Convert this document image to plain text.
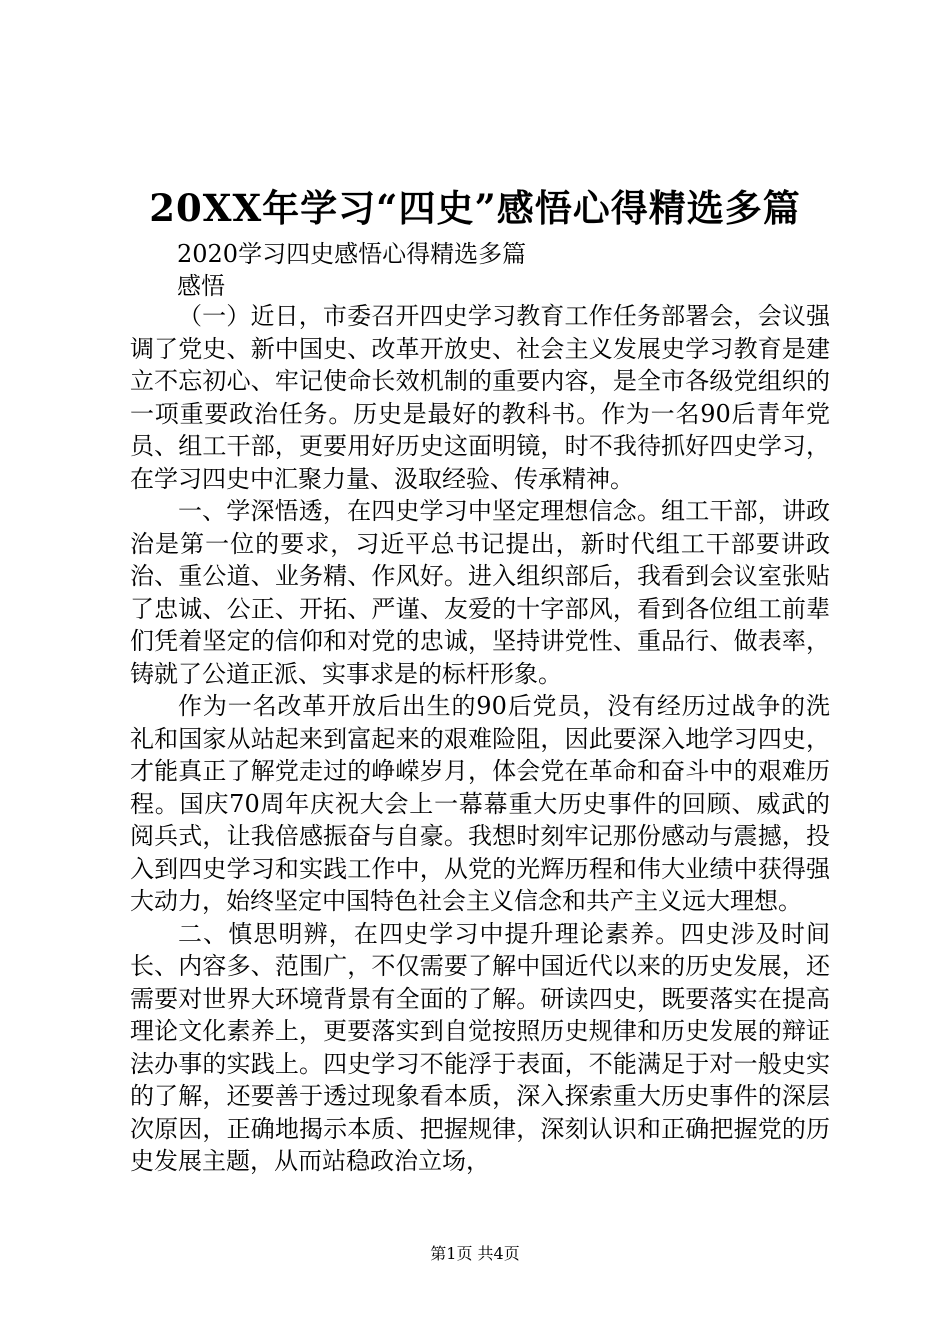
20XX年学习“四史”感悟心得精选多篇
2020学习四史感悟心得精选多篇
感悟

（一）近日，市委召开四史学习教育工作任务部署会，会议强调了党史、新中国史、改革开放史、社会主义发展史学习教育是建立不忘初心、牢记使命长效机制的重要内容，是全市各级党组织的一项重要政治任务。历史是最好的教科书。作为一名90后青年党员、组工干部，更要用好历史这面明镜，时不我待抓好四史学习，在学习四史中汇聚力量、汲取经验、传承精神。

一、学深悟透，在四史学习中坚定理想信念。组工干部，讲政治是第一位的要求，习近平总书记提出，新时代组工干部要讲政治、重公道、业务精、作风好。进入组织部后，我看到会议室张贴了忠诚、公正、开拓、严谨、友爱的十字部风，看到各位组工前辈们凭着坚定的信仰和对党的忠诚，坚持讲党性、重品行、做表率，铸就了公道正派、实事求是的标杆形象。

作为一名改革开放后出生的90后党员，没有经历过战争的洗礼和国家从站起来到富起来的艰难险阻，因此要深入地学习四史，才能真正了解党走过的峥嵘岁月，体会党在革命和奋斗中的艰难历程。国庆70周年庆祝大会上一幕幕重大历史事件的回顾、威武的阅兵式，让我倍感振奋与自豪。我想时刻牢记那份感动与震撼，投入到四史学习和实践工作中，从党的光辉历程和伟大业绩中获得强大动力，始终坚定中国特色社会主义信念和共产主义远大理想。

二、慎思明辨，在四史学习中提升理论素养。四史涉及时间长、内容多、范围广，不仅需要了解中国近代以来的历史发展，还需要对世界大环境背景有全面的了解。研读四史，既要落实在提高理论文化素养上，更要落实到自觉按照历史规律和历史发展的辩证法办事的实践上。四史学习不能浮于表面，不能满足于对一般史实的了解，还要善于透过现象看本质，深入探索重大历史事件的深层次原因，正确地揭示本质、把握规律，深刻认识和正确把握党的历史发展主题，从而站稳政治立场，

第1页 共4页
